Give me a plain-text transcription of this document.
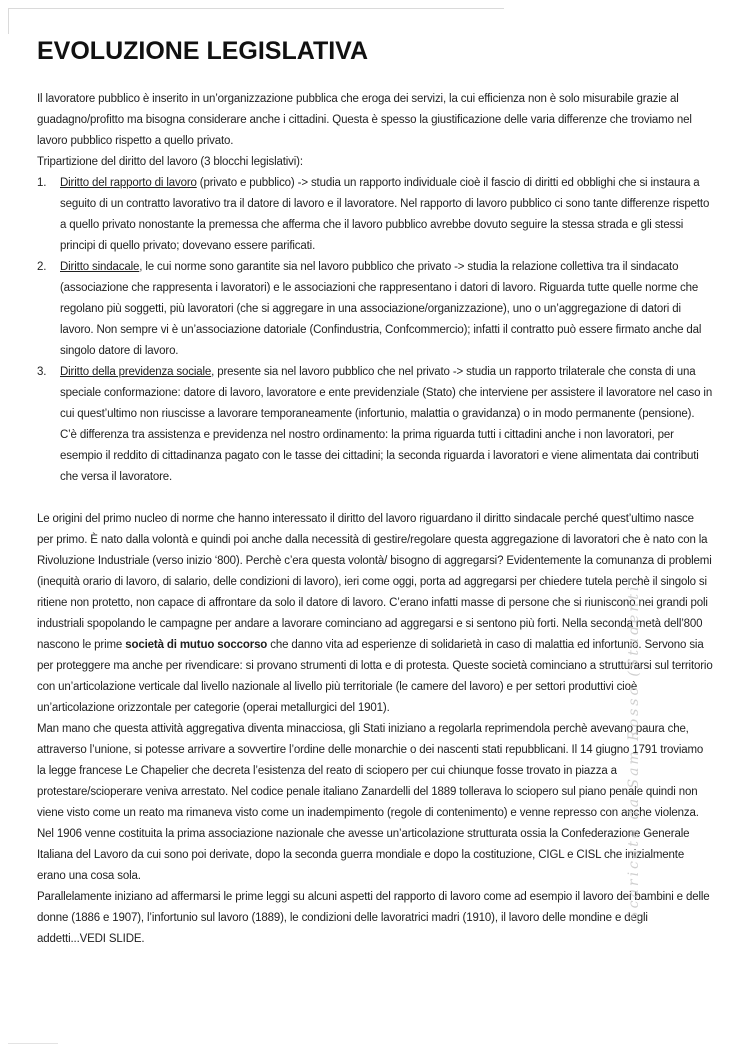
EVOLUZIONE LEGISLATIVA

Il lavoratore pubblico è inserito in un’organizzazione pubblica che eroga dei servizi, la cui efficienza non è solo misurabile grazie al guadagno/profitto ma bisogna considerare anche i cittadini. Questa è spesso la giustificazione delle varia differenze che troviamo nel lavoro pubblico rispetto a quello privato.

Tripartizione del diritto del lavoro (3 blocchi legislativi):

1.	Diritto del rapporto di lavoro (privato e pubblico) -> studia un rapporto individuale cioè il fascio di diritti ed obblighi che si instaura a seguito di un contratto lavorativo tra il datore di lavoro e il lavoratore. Nel rapporto di lavoro pubblico ci sono tante differenze rispetto a quello privato nonostante la premessa che afferma che il lavoro pubblico avrebbe dovuto seguire la stessa strada e gli stessi principi di quello privato; dovevano essere parificati.

2.	Diritto sindacale, le cui norme sono garantite sia nel lavoro pubblico che privato -> studia la relazione collettiva tra il sindacato (associazione che rappresenta i lavoratori) e le associazioni che rappresentano i datori di lavoro. Riguarda tutte quelle norme che regolano più soggetti, più lavoratori (che si aggregare in una associazione/organizzazione), uno o un’aggregazione di datori di lavoro. Non sempre vi è un’associazione datoriale (Confindustria, Confcommercio); infatti il contratto può essere firmato anche dal singolo datore di lavoro.

3.	Diritto della previdenza sociale, presente sia nel lavoro pubblico che nel privato -> studia un rapporto trilaterale che consta di una speciale conformazione: datore di lavoro, lavoratore e ente previdenziale (Stato) che interviene per assistere il lavoratore nel caso in cui quest’ultimo non riuscisse a lavorare temporaneamente (infortunio, malattia o gravidanza) o in modo permanente (pensione). C’è differenza tra assistenza e previdenza nel nostro ordinamento: la prima riguarda tutti i cittadini anche i non lavoratori, per esempio il reddito di cittadinanza pagato con le tasse dei cittadini; la seconda riguarda i lavoratori e viene alimentata dai contributi che versa il lavoratore.

Le origini del primo nucleo di norme che hanno interessato il diritto del lavoro riguardano il diritto sindacale perché quest’ultimo nasce per primo. È nato dalla volontà e quindi poi anche dalla necessità di gestire/regolare questa aggregazione di lavoratori che è nato con la Rivoluzione Industriale (verso inizio ‘800). Perchè c’era questa volontà/ bisogno di aggregarsi? Evidentemente la comunanza di problemi (inequità orario di lavoro, di salario, delle condizioni di lavoro), ieri come oggi, porta ad aggregarsi per chiedere tutela perchè il singolo si ritiene non protetto, non capace di affrontare da solo il datore di lavoro. C’erano infatti masse di persone che si riuniscono nei grandi poli industriali spopolando le campagne per andare a lavorare cominciano ad aggregarsi e si sentono più forti. Nella seconda metà dell’800 nascono le prime società di mutuo soccorso che danno vita ad esperienze di solidarietà in caso di malattia ed infortunio. Servono sia per proteggere ma anche per rivendicare: si provano strumenti di lotta e di protesta. Queste società cominciano a strutturarsi sul territorio con un’articolazione verticale dal livello nazionale al livello più territoriale (le camere del lavoro) e per settori produttivi cioè un’articolazione orizzontale per categorie (operai metallurgici del 1901).

Man mano che questa attività aggregativa diventa minacciosa, gli Stati iniziano a regolarla reprimendola perchè avevano paura che, attraverso l’unione, si potesse arrivare a sovvertire l’ordine delle monarchie o dei nascenti stati repubblicani. Il 14 giugno 1791 troviamo la legge francese Le Chapelier che decreta l’esistenza del reato di sciopero per cui chiunque fosse trovato in piazza a protestare/scioperare veniva arrestato. Nel codice penale italiano Zanardelli del 1889 tollerava lo sciopero sul piano penale quindi non viene visto come un reato ma rimaneva visto come un inadempimento (regole di contenimento) e venne represso con anche violenza. Nel 1906 venne costituita la prima associazione nazionale che avesse un’articolazione strutturata ossia la Confederazione Generale Italiana del Lavoro da cui sono poi derivate, dopo la seconda guerra mondiale e dopo la costituzione, CIGL e CISL che inizialmente erano una cosa sola.

Parallelamente iniziano ad affermarsi le prime leggi su alcuni aspetti del rapporto di lavoro come ad esempio il lavoro dei bambini e delle donne (1886 e 1907), l’infortunio sul lavoro (1889), le condizioni delle lavoratrici madri (1910), il lavoro delle mondine e degli addetti...VEDI SLIDE.

Scaricato da Sam Rosso (Studenti)
